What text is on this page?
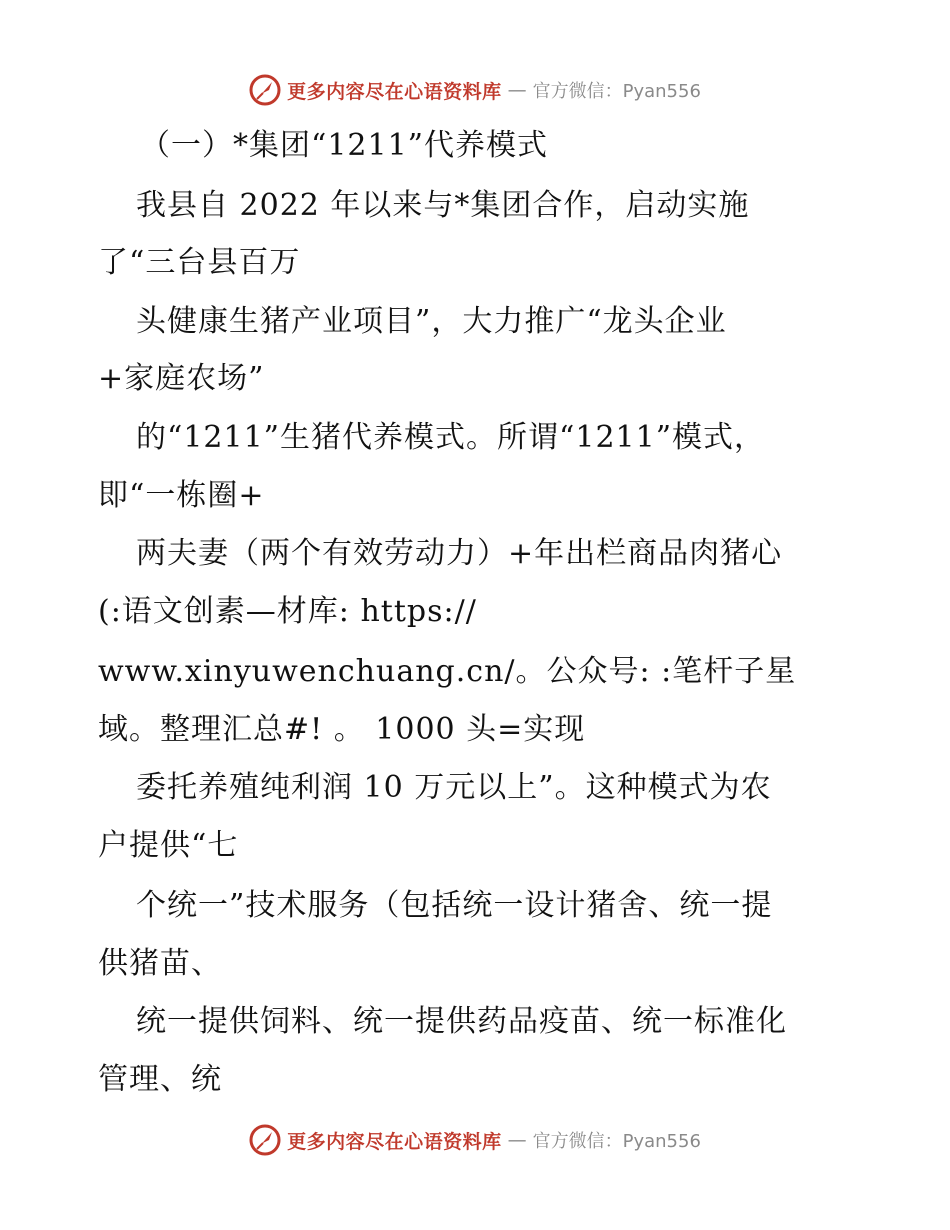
更多内容尽在心语资料库 — 官方微信：Pyan556
（一）*集团“1211”代养模式
我县自 2022 年以来与*集团合作，启动实施
了“三台县百万
头健康生猪产业项目”，大力推广“龙头企业
+家庭农场”
的“1211”生猪代养模式。所谓“1211”模式，
即“一栋圈+
两夫妻（两个有效劳动力）+年出栏商品肉猪心
(:语文创素—材库: https://
www.xinyuwenchuang.cn/。公众号: :笔杆子星
域。整理汇总#! 。 1000 头=实现
委托养殖纯利润 10 万元以上”。这种模式为农
户提供“七
个统一”技术服务（包括统一设计猪舍、统一提
供猪苗、
统一提供饲料、统一提供药品疫苗、统一标准化
管理、统
更多内容尽在心语资料库 — 官方微信：Pyan556
